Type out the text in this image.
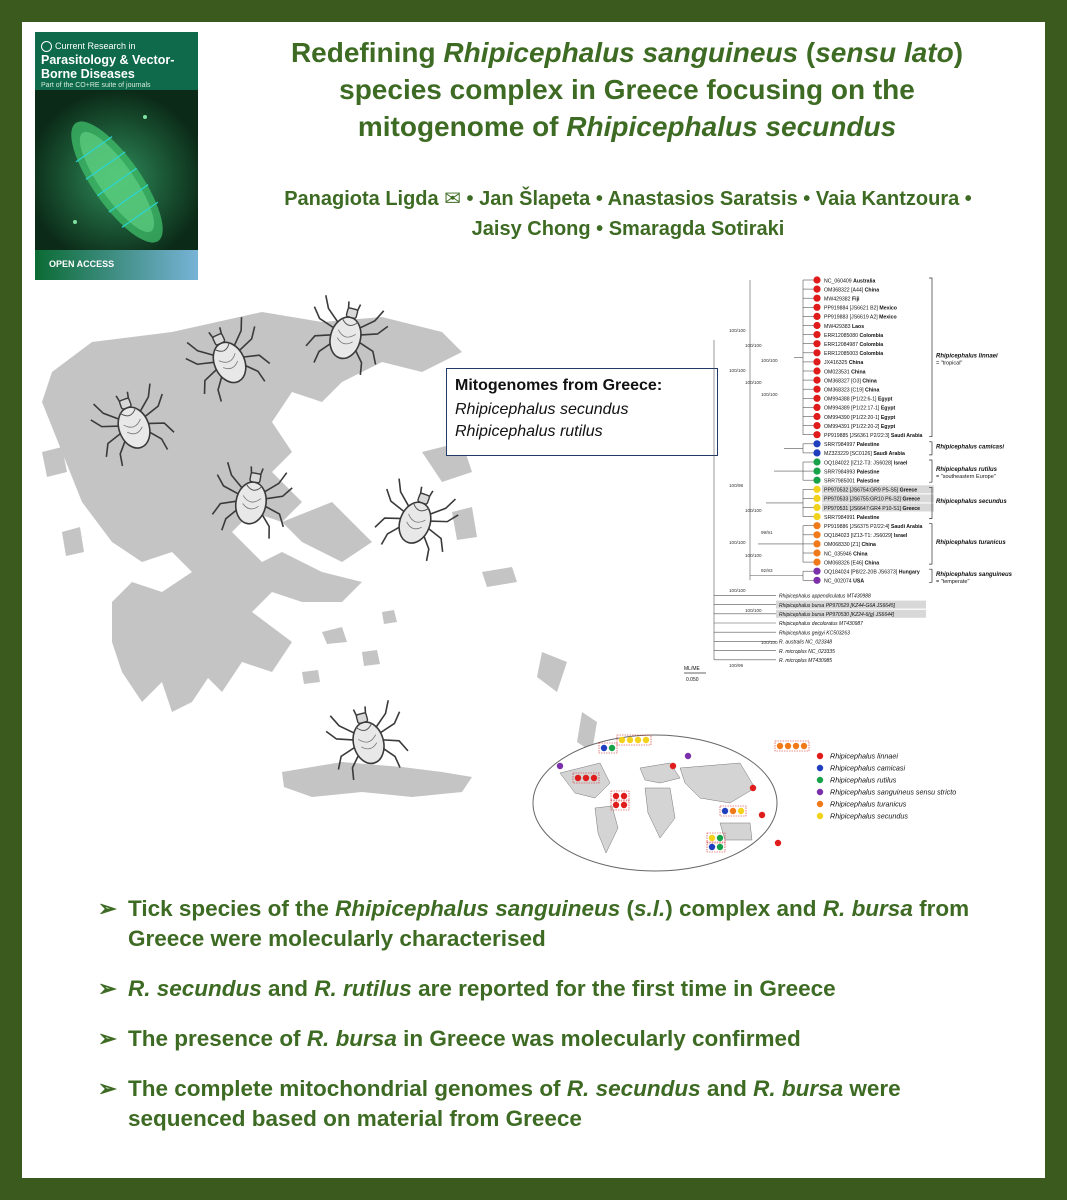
Current Research in
Parasitology & Vector-Borne Diseases
Part of the CO+RE suite of journals
OPEN ACCESS
Redefining Rhipicephalus sanguineus (sensu lato)
species complex in Greece focusing on the
mitogenome of Rhipicephalus secundus
Panagiota Ligda ✉ • Jan Šlapeta • Anastasios Saratsis • Vaia Kantzoura •
Jaisy Chong • Smaragda Sotiraki
Mitogenomes from Greece:
Rhipicephalus secundus
Rhipicephalus rutilus
NC_060409 Australia
OM368322 [A44] China
MW429382 Fiji
PP919884 [JS6621 B2] Mexico
PP919883 [JS6619 A2] Mexico
MW429383 Laos
ERR12085080 Colombia
ERR12084987 Colombia
ERR12085003 Colombia
JX416325 China
OM023531 China
OM368327 [O3] China
OM368323 [C19] China
OM994388 [P1/22:6-1] Egypt
OM994389 [P1/22:17-1] Egypt
OM994390 [P1/22:20-1] Egypt
OM994391 [P1/22:20-2] Egypt
PP919885 [JS6361 P2/22:3] Saudi Arabia
SRR7984997 Palestine
MZ323229 [SC0126] Saudi Arabia
OQ184022 [IZ12-T3: JS6028] Israel
SRR7984993 Palestine
SRR7985001 Palestine
PP970532 [JS6754:GR9 P5-S5] Greece
PP970533 [JS6755:GR10 P6-S2] Greece
PP970531 [JS6647:GR4 P10-S1] Greece
SRR7984991 Palestine
PP919886 [JS6375 P2/22:4] Saudi Arabia
OQ184023 [IZ13-T1: JS6029] Israel
OM068330 [Z1] China
NC_035946 China
OM068326 [E46] China
OQ184024 [P8/22-20B JS6373] Hungary
NC_002074 USA
Rhipicephalus linnaei
= "tropical"
Rhipicephalus camicasi
Rhipicephalus rutilus
= "southeastern Europe"
Rhipicephalus secundus
Rhipicephalus turanicus
Rhipicephalus sanguineus
= "temperate"
100/100
100/100
100/100
100/100
100/100
100/100
100/98
100/100
99/91
100/100
100/100
92/83
100/100
100/100
100/100
100/99
Rhipicephalus appendiculatus MT430988
Rhipicephalus bursa PP970529 [KZ44-G6A JS6645]
Rhipicephalus bursa PP970530 [KZ24-6(g) JS6644]
Rhipicephalus decoloratus MT430987
Rhipicephalus geigyi KC503263
R. australis NC_023348
R. microplus NC_023335
R. microplus MT430985
ML/ME
0.050
Rhipicephalus linnaei
Rhipicephalus camicasi
Rhipicephalus rutilus
Rhipicephalus sanguineus sensu stricto
Rhipicephalus turanicus
Rhipicephalus secundus
➢ Tick species of the Rhipicephalus sanguineus (s.l.) complex and R. bursa from Greece were molecularly characterised
➢ R. secundus and R. rutilus are reported for the first time in Greece
➢ The presence of R. bursa in Greece was molecularly confirmed
➢ The complete mitochondrial genomes of R. secundus and R. bursa were sequenced based on material from Greece
